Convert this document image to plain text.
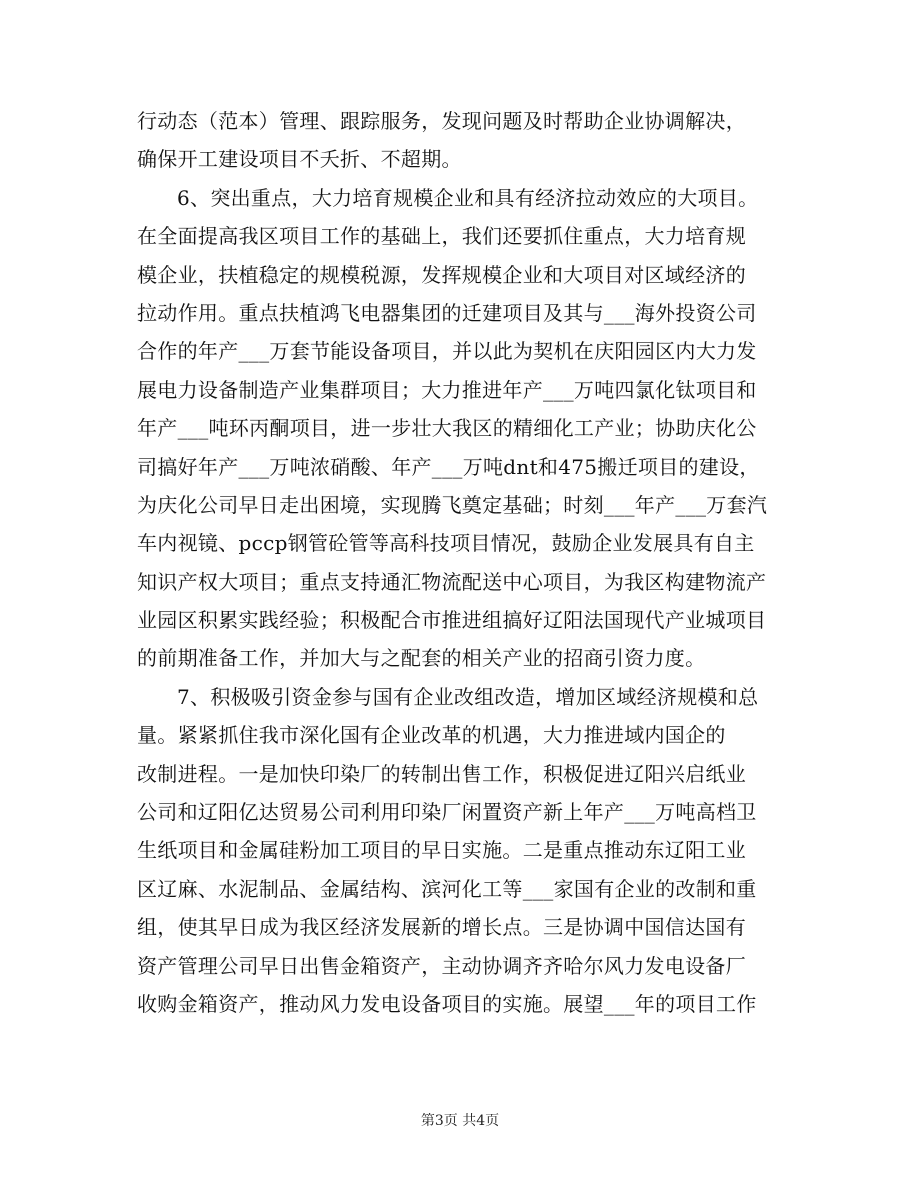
行动态（范本）管理、跟踪服务，发现问题及时帮助企业协调解决，
确保开工建设项目不夭折、不超期。
6、突出重点，大力培育规模企业和具有经济拉动效应的大项目。
在全面提高我区项目工作的基础上，我们还要抓住重点，大力培育规
模企业，扶植稳定的规模税源，发挥规模企业和大项目对区域经济的
拉动作用。重点扶植鸿飞电器集团的迁建项目及其与___海外投资公司
合作的年产___万套节能设备项目，并以此为契机在庆阳园区内大力发
展电力设备制造产业集群项目；大力推进年产___万吨四氯化钛项目和
年产___吨环丙酮项目，进一步壮大我区的精细化工产业；协助庆化公
司搞好年产___万吨浓硝酸、年产___万吨dnt和475搬迁项目的建设，
为庆化公司早日走出困境，实现腾飞奠定基础；时刻___年产___万套汽
车内视镜、pccp钢管砼管等高科技项目情况，鼓励企业发展具有自主
知识产权大项目；重点支持通汇物流配送中心项目，为我区构建物流产
业园区积累实践经验；积极配合市推进组搞好辽阳法国现代产业城项目
的前期准备工作，并加大与之配套的相关产业的招商引资力度。
7、积极吸引资金参与国有企业改组改造，增加区域经济规模和总
量。紧紧抓住我市深化国有企业改革的机遇，大力推进域内国企的
改制进程。一是加快印染厂的转制出售工作，积极促进辽阳兴启纸业
公司和辽阳亿达贸易公司利用印染厂闲置资产新上年产___万吨高档卫
生纸项目和金属硅粉加工项目的早日实施。二是重点推动东辽阳工业
区辽麻、水泥制品、金属结构、滨河化工等___家国有企业的改制和重
组，使其早日成为我区经济发展新的增长点。三是协调中国信达国有
资产管理公司早日出售金箱资产，主动协调齐齐哈尔风力发电设备厂
收购金箱资产，推动风力发电设备项目的实施。展望___年的项目工作
第3页 共4页
